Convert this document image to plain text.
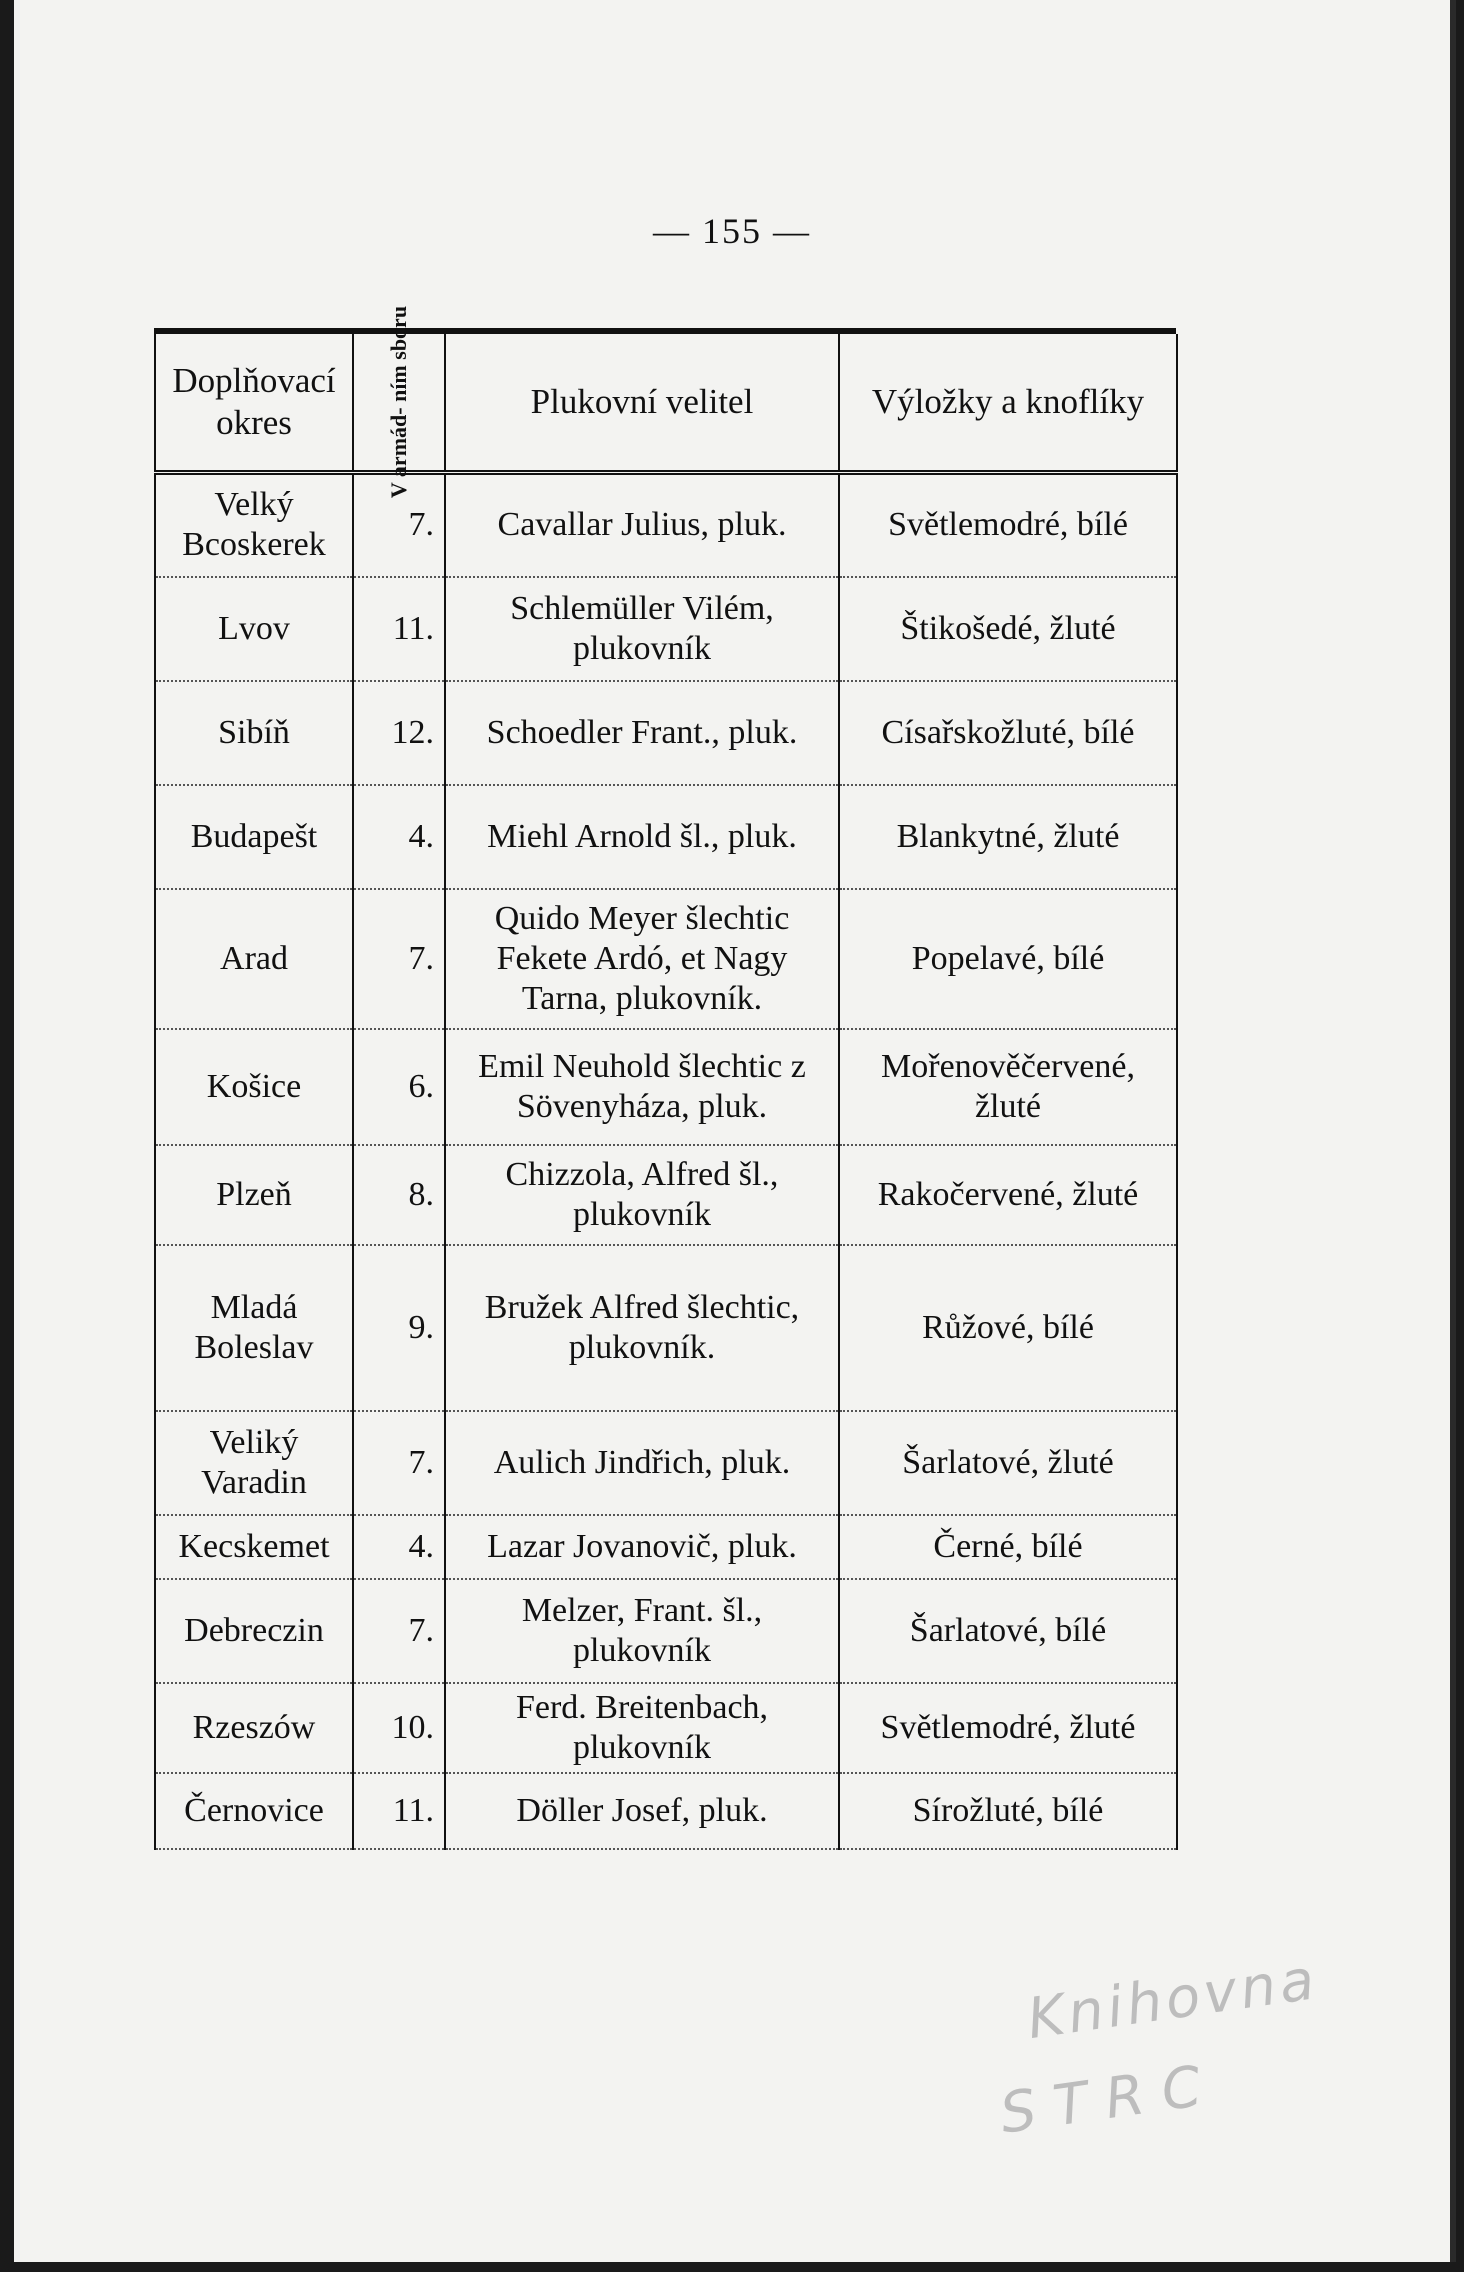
— 155 —
Doplňovací okres	V armád- ním sboru	Plukovní velitel	Výložky a knoflíky
Velký Bcoskerek	7.	Cavallar Julius, pluk.	Světlemodré, bílé
Lvov	11.	Schlemüller Vilém, plukovník	Štikošedé, žluté
Sibíň	12.	Schoedler Frant., pluk.	Císařskožluté, bílé
Budapešt	4.	Miehl Arnold šl., pluk.	Blankytné, žluté
Arad	7.	Quido Meyer šlechtic Fekete Ardó, et Nagy Tarna, plukovník.	Popelavé, bílé
Košice	6.	Emil Neuhold šlechtic z Sövenyháza, pluk.	Mořenověčervené, žluté
Plzeň	8.	Chizzola, Alfred šl., plukovník	Rakočervené, žluté
Mladá Boleslav	9.	Bružek Alfred šlechtic, plukovník.	Růžové, bílé
Veliký Varadin	7.	Aulich Jindřich, pluk.	Šarlatové, žluté
Kecskemet	4.	Lazar Jovanovič, pluk.	Černé, bílé
Debreczin	7.	Melzer, Frant. šl., plukovník	Šarlatové, bílé
Rzeszów	10.	Ferd. Breitenbach, plukovník	Světlemodré, žluté
Černovice	11.	Döller Josef, pluk.	Sírožluté, bílé
Knihovna
STRC
